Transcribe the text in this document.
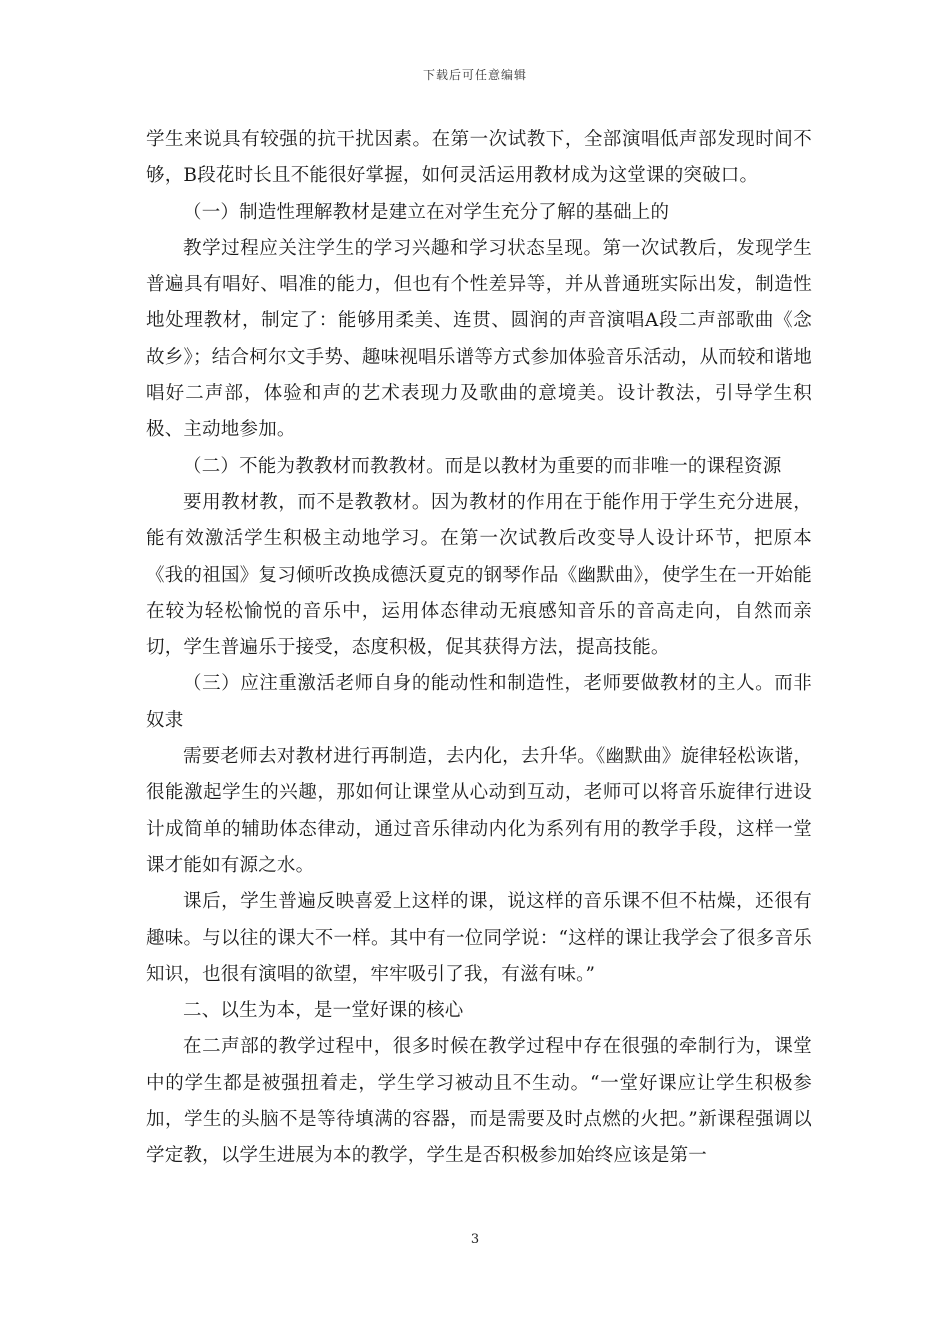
下载后可任意编辑

学生来说具有较强的抗干扰因素。在第一次试教下，全部演唱低声部发现时间不够，B段花时长且不能很好掌握，如何灵活运用教材成为这堂课的突破口。

（一）制造性理解教材是建立在对学生充分了解的基础上的

教学过程应关注学生的学习兴趣和学习状态呈现。第一次试教后，发现学生普遍具有唱好、唱准的能力，但也有个性差异等，并从普通班实际出发，制造性地处理教材，制定了：能够用柔美、连贯、圆润的声音演唱A段二声部歌曲《念故乡》；结合柯尔文手势、趣味视唱乐谱等方式参加体验音乐活动，从而较和谐地唱好二声部，体验和声的艺术表现力及歌曲的意境美。设计教法，引导学生积极、主动地参加。

（二）不能为教教材而教教材。而是以教材为重要的而非唯一的课程资源

要用教材教，而不是教教材。因为教材的作用在于能作用于学生充分进展，能有效激活学生积极主动地学习。在第一次试教后改变导人设计环节，把原本《我的祖国》复习倾听改换成德沃夏克的钢琴作品《幽默曲》，使学生在一开始能在较为轻松愉悦的音乐中，运用体态律动无痕感知音乐的音高走向，自然而亲切，学生普遍乐于接受，态度积极，促其获得方法，提高技能。

（三）应注重激活老师自身的能动性和制造性，老师要做教材的主人。而非奴隶

需要老师去对教材进行再制造，去内化，去升华。《幽默曲》旋律轻松诙谐，很能激起学生的兴趣，那如何让课堂从心动到互动，老师可以将音乐旋律行进设计成简单的辅助体态律动，通过音乐律动内化为系列有用的教学手段，这样一堂课才能如有源之水。

课后，学生普遍反映喜爱上这样的课，说这样的音乐课不但不枯燥，还很有趣味。与以往的课大不一样。其中有一位同学说：“这样的课让我学会了很多音乐知识，也很有演唱的欲望，牢牢吸引了我，有滋有味。”

二、以生为本，是一堂好课的核心

在二声部的教学过程中，很多时候在教学过程中存在很强的牵制行为，课堂中的学生都是被强扭着走，学生学习被动且不生动。“一堂好课应让学生积极参加，学生的头脑不是等待填满的容器，而是需要及时点燃的火把。”新课程强调以学定教，以学生进展为本的教学，学生是否积极参加始终应该是第一

3
